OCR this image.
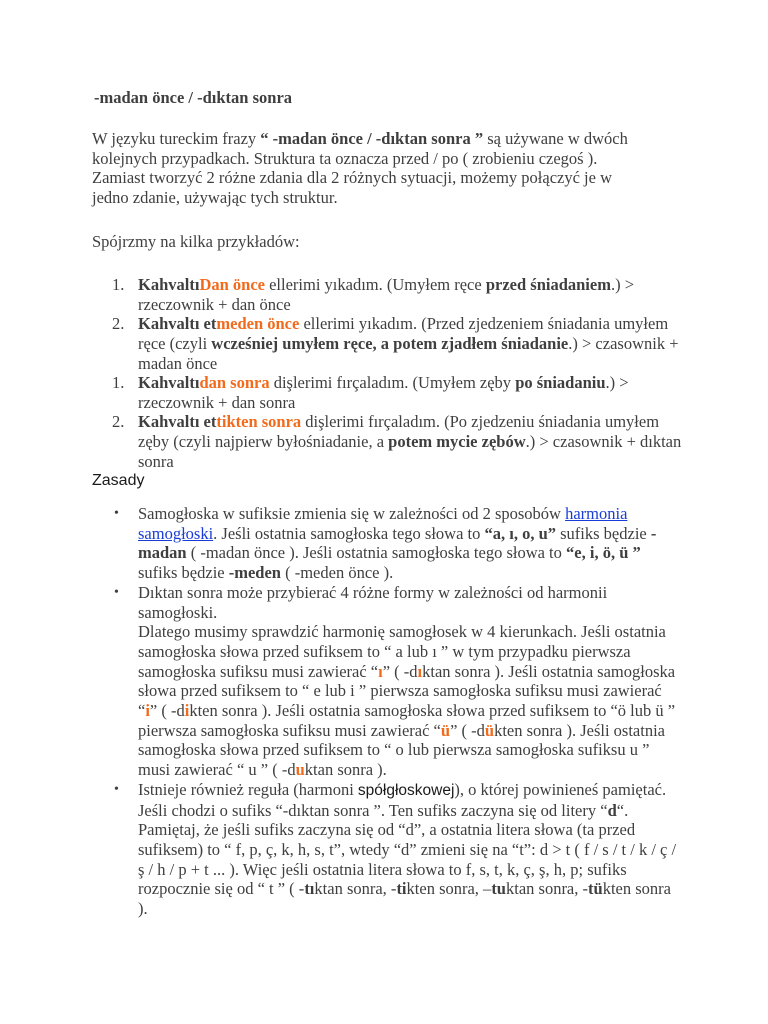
-madan önce / -dıktan sonra

W języku tureckim frazy “ -madan önce / -dıktan sonra ” są używane w dwóch kolejnych przypadkach. Struktura ta oznacza przed / po ( zrobieniu czegoś ). Zamiast tworzyć 2 różne zdania dla 2 różnych sytuacji, możemy połączyć je w jedno zdanie, używając tych struktur.

Spójrzmy na kilka przykładów:

1. KahvaltıDan önce ellerimi yıkadım. (Umyłem ręce przed śniadaniem.) > rzeczownik + dan önce
2. Kahvaltı etmeden önce ellerimi yıkadım. (Przed zjedzeniem śniadania umyłem ręce (czyli wcześniej umyłem ręce, a potem zjadłem śniadanie.) > czasownik + madan önce
1. Kahvaltıdan sonra dişlerimi fırçaladım. (Umyłem zęby po śniadaniu.) > rzeczownik + dan sonra
2. Kahvaltı ettikten sonra dişlerimi fırçaladım. (Po zjedzeniu śniadania umyłem zęby (czyli najpierw byłośniadanie, a potem mycie zębów.) > czasownik + dıktan sonra
Zasady
• Samogłoska w sufiksie zmienia się w zależności od 2 sposobów harmonia samogłoski. Jeśli ostatnia samogłoska tego słowa to “a, ı, o, u” sufiks będzie -madan ( -madan önce ). Jeśli ostatnia samogłoska tego słowa to “e, i, ö, ü ” sufiks będzie -meden ( -meden önce ).
• Dıktan sonra może przybierać 4 różne formy w zależności od harmonii samogłoski.
Dlatego musimy sprawdzić harmonię samogłosek w 4 kierunkach. Jeśli ostatnia samogłoska słowa przed sufiksem to “ a lub ı ” w tym przypadku pierwsza samogłoska sufiksu musi zawierać “ı” ( -dıktan sonra ). Jeśli ostatnia samogłoska słowa przed sufiksem to “ e lub i ” pierwsza samogłoska sufiksu musi zawierać “i” ( -dikten sonra ). Jeśli ostatnia samogłoska słowa przed sufiksem to “ö lub ü ” pierwsza samogłoska sufiksu musi zawierać “ü” ( -dükten sonra ). Jeśli ostatnia samogłoska słowa przed sufiksem to “ o lub pierwsza samogłoska sufiksu u ” musi zawierać “ u ” ( -duktan sonra ).
• Istnieje również reguła (harmoni spółgłoskowej), o której powinieneś pamiętać. Jeśli chodzi o sufiks “-dıktan sonra ”. Ten sufiks zaczyna się od litery “d“. Pamiętaj, że jeśli sufiks zaczyna się od “d”, a ostatnia litera słowa (ta przed sufiksem) to “ f, p, ç, k, h, s, t”, wtedy “d” zmieni się na “t”: d > t ( f / s / t / k / ç / ş / h / p + t ... ). Więc jeśli ostatnia litera słowa to f, s, t, k, ç, ş, h, p; sufiks rozpocznie się od “ t ” ( -tıktan sonra, -tikten sonra, –tuktan sonra, -tükten sonra ).
